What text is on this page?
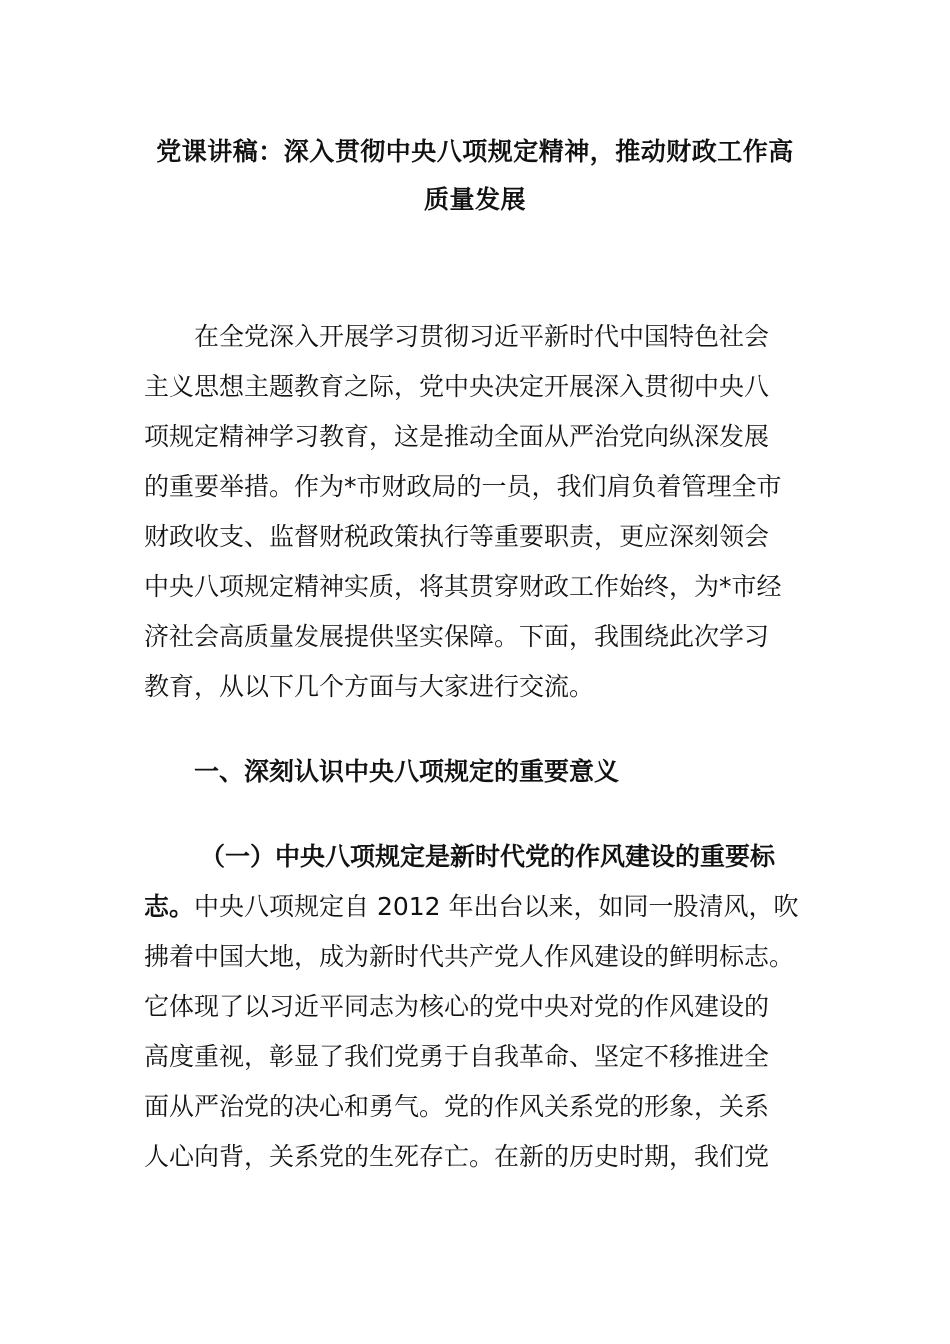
党课讲稿：深入贯彻中央八项规定精神，推动财政工作高
质量发展
在全党深入开展学习贯彻习近平新时代中国特色社会
主义思想主题教育之际，党中央决定开展深入贯彻中央八
项规定精神学习教育，这是推动全面从严治党向纵深发展
的重要举措。作为*市财政局的一员，我们肩负着管理全市
财政收支、监督财税政策执行等重要职责，更应深刻领会
中央八项规定精神实质，将其贯穿财政工作始终，为*市经
济社会高质量发展提供坚实保障。下面，我围绕此次学习
教育，从以下几个方面与大家进行交流。
一、深刻认识中央八项规定的重要意义
（一）中央八项规定是新时代党的作风建设的重要标
志。中央八项规定自 2012 年出台以来，如同一股清风，吹
拂着中国大地，成为新时代共产党人作风建设的鲜明标志。
它体现了以习近平同志为核心的党中央对党的作风建设的
高度重视，彰显了我们党勇于自我革命、坚定不移推进全
面从严治党的决心和勇气。党的作风关系党的形象，关系
人心向背，关系党的生死存亡。在新的历史时期，我们党
